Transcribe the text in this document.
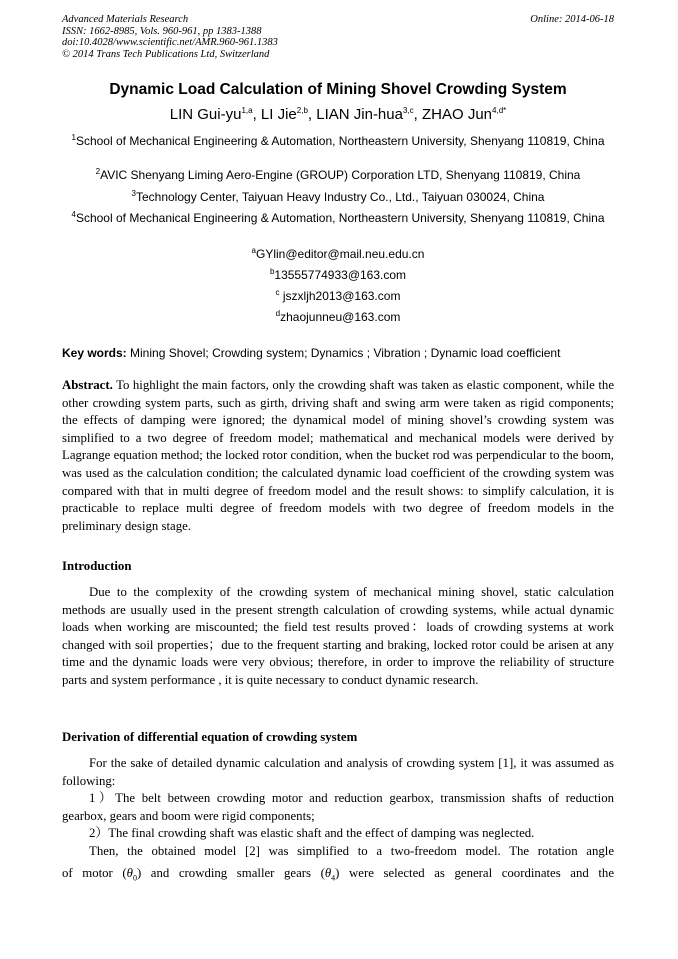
Advanced Materials Research
ISSN: 1662-8985, Vols. 960-961, pp 1383-1388
doi:10.4028/www.scientific.net/AMR.960-961.1383
© 2014 Trans Tech Publications Ltd, Switzerland
Online: 2014-06-18
Dynamic Load Calculation of Mining Shovel Crowding System
LIN Gui-yu$^{1,a}$, LI Jie$^{2,b}$, LIAN Jin-hua$^{3,c}$, ZHAO Jun$^{4,d*}$
$^1$School of Mechanical Engineering & Automation, Northeastern University, Shenyang 110819, China
$^2$AVIC Shenyang Liming Aero-Engine (GROUP) Corporation LTD, Shenyang 110819, China
$^3$Technology Center, Taiyuan Heavy Industry Co., Ltd., Taiyuan 030024, China
$^4$School of Mechanical Engineering & Automation, Northeastern University, Shenyang 110819, China
$^a$GYlin@editor@mail.neu.edu.cn
$^b$13555774933@163.com
$^c$ jszxljh2013@163.com
$^d$zhaojunneu@163.com
Key words: Mining Shovel; Crowding system; Dynamics ; Vibration ; Dynamic load coefficient
Abstract. To highlight the main factors, only the crowding shaft was taken as elastic component, while the other crowding system parts, such as girth, driving shaft and swing arm were taken as rigid components; the effects of damping were ignored; the dynamical model of mining shovel’s crowding system was simplified to a two degree of freedom model; mathematical and mechanical models were derived by Lagrange equation method; the locked rotor condition, when the bucket rod was perpendicular to the boom, was used as the calculation condition; the calculated dynamic load coefficient of the crowding system was compared with that in multi degree of freedom model and the result shows: to simplify calculation, it is practicable to replace multi degree of freedom models with two degree of freedom models in the preliminary design stage.
Introduction

Due to the complexity of the crowding system of mechanical mining shovel, static calculation methods are usually used in the present strength calculation of crowding systems, while actual dynamic loads when working are miscounted; the field test results proved：loads of crowding systems at work changed with soil properties；due to the frequent starting and braking, locked rotor could be arisen at any time and the dynamic loads were very obvious; therefore, in order to improve the reliability of structure parts and system performance , it is quite necessary to conduct dynamic research.

Derivation of differential equation of crowding system

For the sake of detailed dynamic calculation and analysis of crowding system [1], it was assumed as following:

1）The belt between crowding motor and reduction gearbox, transmission shafts of reduction gearbox, gears and boom were rigid components;

2）The final crowding shaft was elastic shaft and the effect of damping was neglected.

Then, the obtained model [2] was simplified to a two-freedom model. The rotation angle

of motor $(\theta_0)$ and crowding smaller gears $(\theta_4)$ were selected as general coordinates and the
